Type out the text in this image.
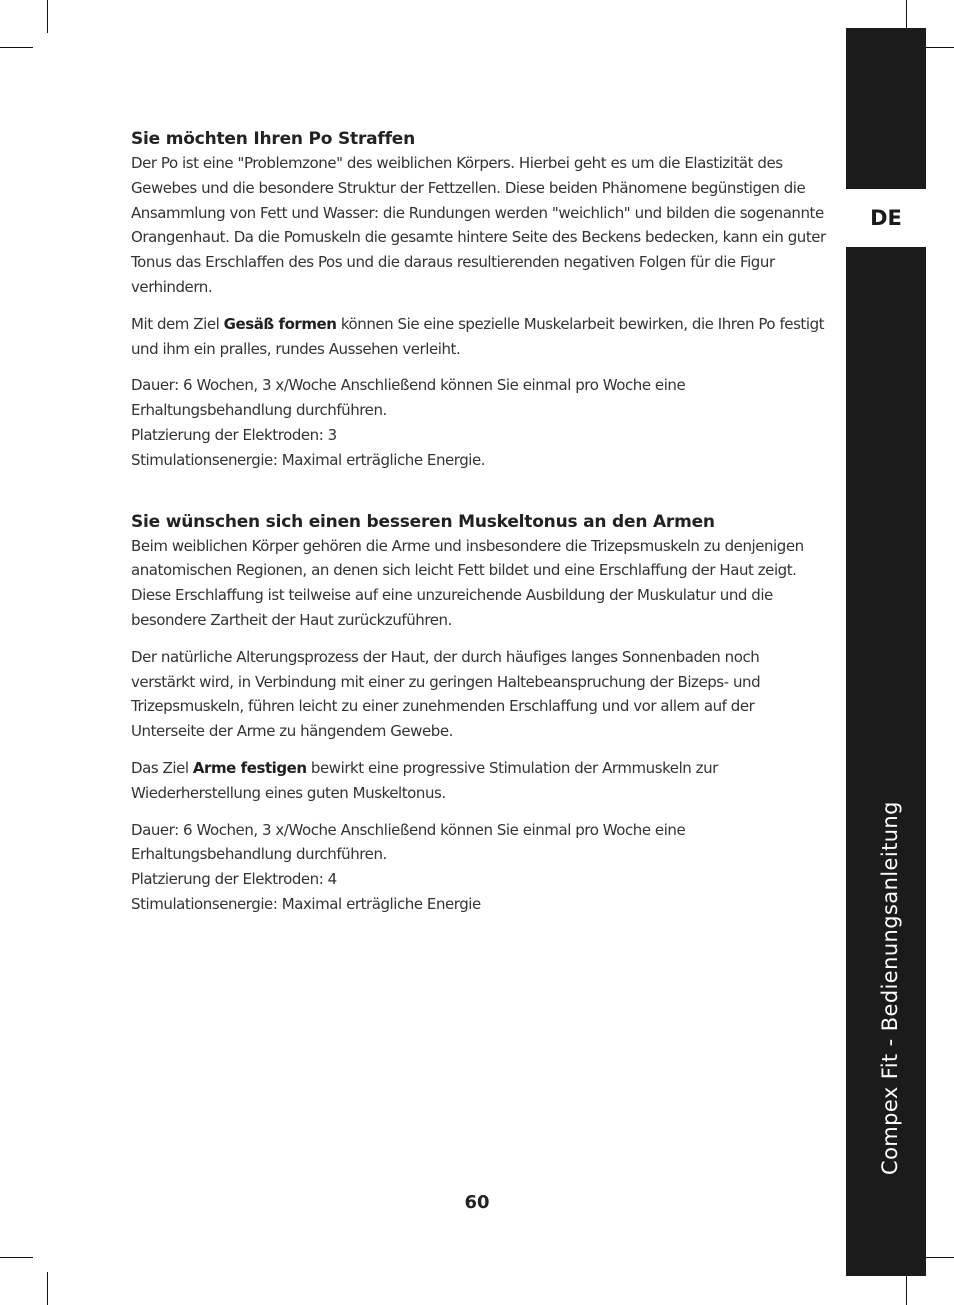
DE
Compex Fit - Bedienungsanleitung
Sie möchten Ihren Po Straffen

Der Po ist eine "Problemzone" des weiblichen Körpers. Hierbei geht es um die Elastizität des Gewebes und die besondere Struktur der Fettzellen. Diese beiden Phänomene begünstigen die Ansammlung von Fett und Wasser: die Rundungen werden "weichlich" und bilden die sogenannte Orangenhaut. Da die Pomuskeln die gesamte hintere Seite des Beckens bedecken, kann ein guter Tonus das Erschlaffen des Pos und die daraus resultierenden negativen Folgen für die Figur verhindern.

Mit dem Ziel Gesäß formen können Sie eine spezielle Muskelarbeit bewirken, die Ihren Po festigt und ihm ein pralles, rundes Aussehen verleiht.

Dauer: 6 Wochen, 3 x/Woche Anschließend können Sie einmal pro Woche eine Erhaltungsbehandlung durchführen.
Platzierung der Elektroden: 3
Stimulationsenergie: Maximal erträgliche Energie.

Sie wünschen sich einen besseren Muskeltonus an den Armen

Beim weiblichen Körper gehören die Arme und insbesondere die Trizepsmuskeln zu denjenigen anatomischen Regionen, an denen sich leicht Fett bildet und eine Erschlaffung der Haut zeigt. Diese Erschlaffung ist teilweise auf eine unzureichende Ausbildung der Muskulatur und die besondere Zartheit der Haut zurückzuführen.

Der natürliche Alterungsprozess der Haut, der durch häufiges langes Sonnenbaden noch verstärkt wird, in Verbindung mit einer zu geringen Haltebeanspruchung der Bizeps- und Trizepsmuskeln, führen leicht zu einer zunehmenden Erschlaffung und vor allem auf der Unterseite der Arme zu hängendem Gewebe.

Das Ziel Arme festigen bewirkt eine progressive Stimulation der Armmuskeln zur Wiederherstellung eines guten Muskeltonus.

Dauer: 6 Wochen, 3 x/Woche Anschließend können Sie einmal pro Woche eine Erhaltungsbehandlung durchführen.
Platzierung der Elektroden: 4
Stimulationsenergie: Maximal erträgliche Energie

60
